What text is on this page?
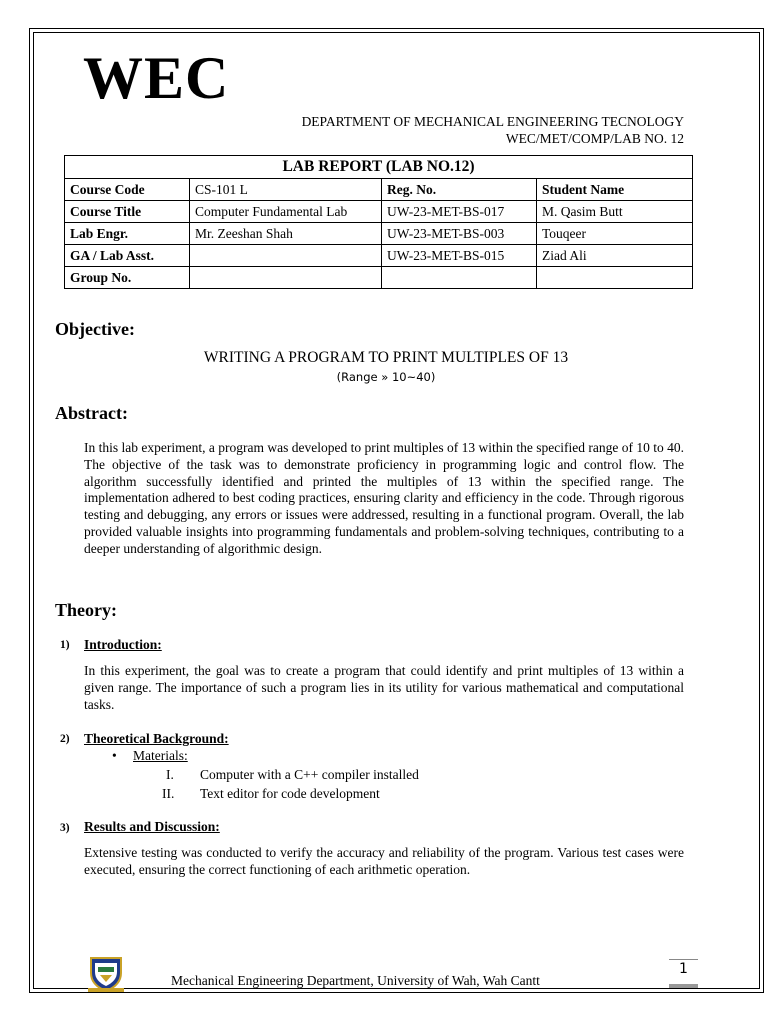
WEC
DEPARTMENT OF MECHANICAL ENGINEERING TECNOLOGY
WEC/MET/COMP/LAB NO. 12
LAB REPORT (LAB NO.12)			
Course Code	CS-101 L	Reg. No.	Student Name
Course Title	Computer Fundamental Lab	UW-23-MET-BS-017	M. Qasim Butt
Lab Engr.	Mr. Zeeshan Shah	UW-23-MET-BS-003	Touqeer
GA / Lab Asst.		UW-23-MET-BS-015	Ziad Ali
Group No.			
Objective:
WRITING A PROGRAM TO PRINT MULTIPLES OF 13
(Range » 10~40)
Abstract:
In this lab experiment, a program was developed to print multiples of 13 within the specified range of 10 to 40. The objective of the task was to demonstrate proficiency in programming logic and control flow. The algorithm successfully identified and printed the multiples of 13 within the specified range. The implementation adhered to best coding practices, ensuring clarity and efficiency in the code. Through rigorous testing and debugging, any errors or issues were addressed, resulting in a functional program. Overall, the lab provided valuable insights into programming fundamentals and problem-solving techniques, contributing to a deeper understanding of algorithmic design.
Theory:
1) Introduction:
In this experiment, the goal was to create a program that could identify and print multiples of 13 within a given range. The importance of such a program lies in its utility for various mathematical and computational tasks.
2) Theoretical Background:
• Materials:
I. Computer with a C++ compiler installed
II. Text editor for code development
3) Results and Discussion:
Extensive testing was conducted to verify the accuracy and reliability of the program. Various test cases were executed, ensuring the correct functioning of each arithmetic operation.
Mechanical Engineering Department, University of Wah, Wah Cantt
1
